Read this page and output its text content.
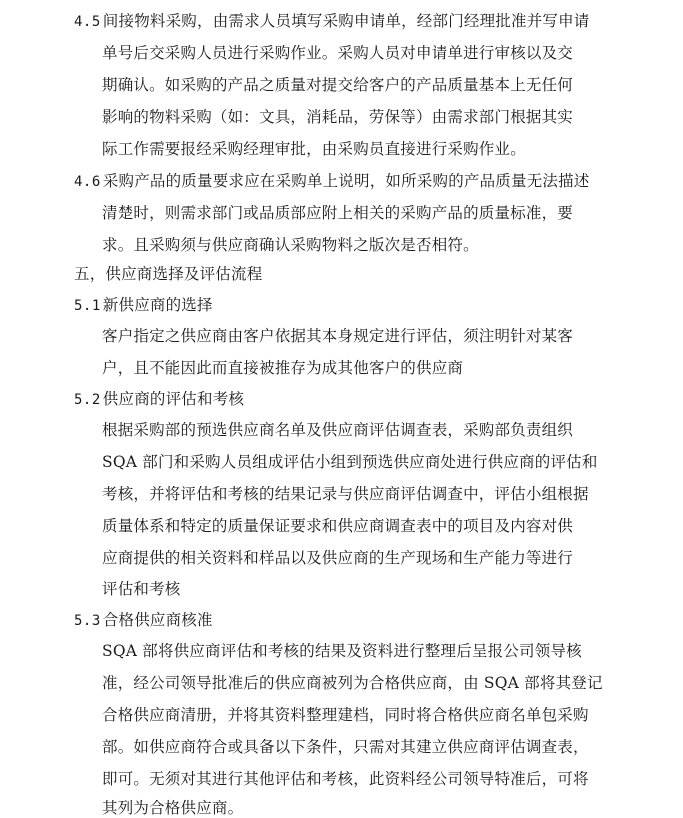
4.5 间接物料采购，由需求人员填写采购申请单，经部门经理批准并写申请
单号后交采购人员进行采购作业。采购人员对申请单进行审核以及交
期确认。如采购的产品之质量对提交给客户的产品质量基本上无任何
影响的物料采购（如：文具，消耗品，劳保等）由需求部门根据其实
际工作需要报经采购经理审批，由采购员直接进行采购作业。
4.6 采购产品的质量要求应在采购单上说明，如所采购的产品质量无法描述
清楚时，则需求部门或品质部应附上相关的采购产品的质量标准，要
求。且采购须与供应商确认采购物料之版次是否相符。
五，供应商选择及评估流程
5.1 新供应商的选择
客户指定之供应商由客户依据其本身规定进行评估，须注明针对某客
户，且不能因此而直接被推存为成其他客户的供应商
5.2 供应商的评估和考核
根据采购部的预选供应商名单及供应商评估调查表，采购部负责组织
SQA 部门和采购人员组成评估小组到预选供应商处进行供应商的评估和
考核，并将评估和考核的结果记录与供应商评估调查中，评估小组根据
质量体系和特定的质量保证要求和供应商调查表中的项目及内容对供
应商提供的相关资料和样品以及供应商的生产现场和生产能力等进行
评估和考核
5.3 合格供应商核准
SQA 部将供应商评估和考核的结果及资料进行整理后呈报公司领导核
准，经公司领导批准后的供应商被列为合格供应商，由 SQA 部将其登记
合格供应商清册，并将其资料整理建档，同时将合格供应商名单包采购
部。如供应商符合或具备以下条件，只需对其建立供应商评估调查表，
即可。无须对其进行其他评估和考核，此资料经公司领导特准后，可将
其列为合格供应商。
